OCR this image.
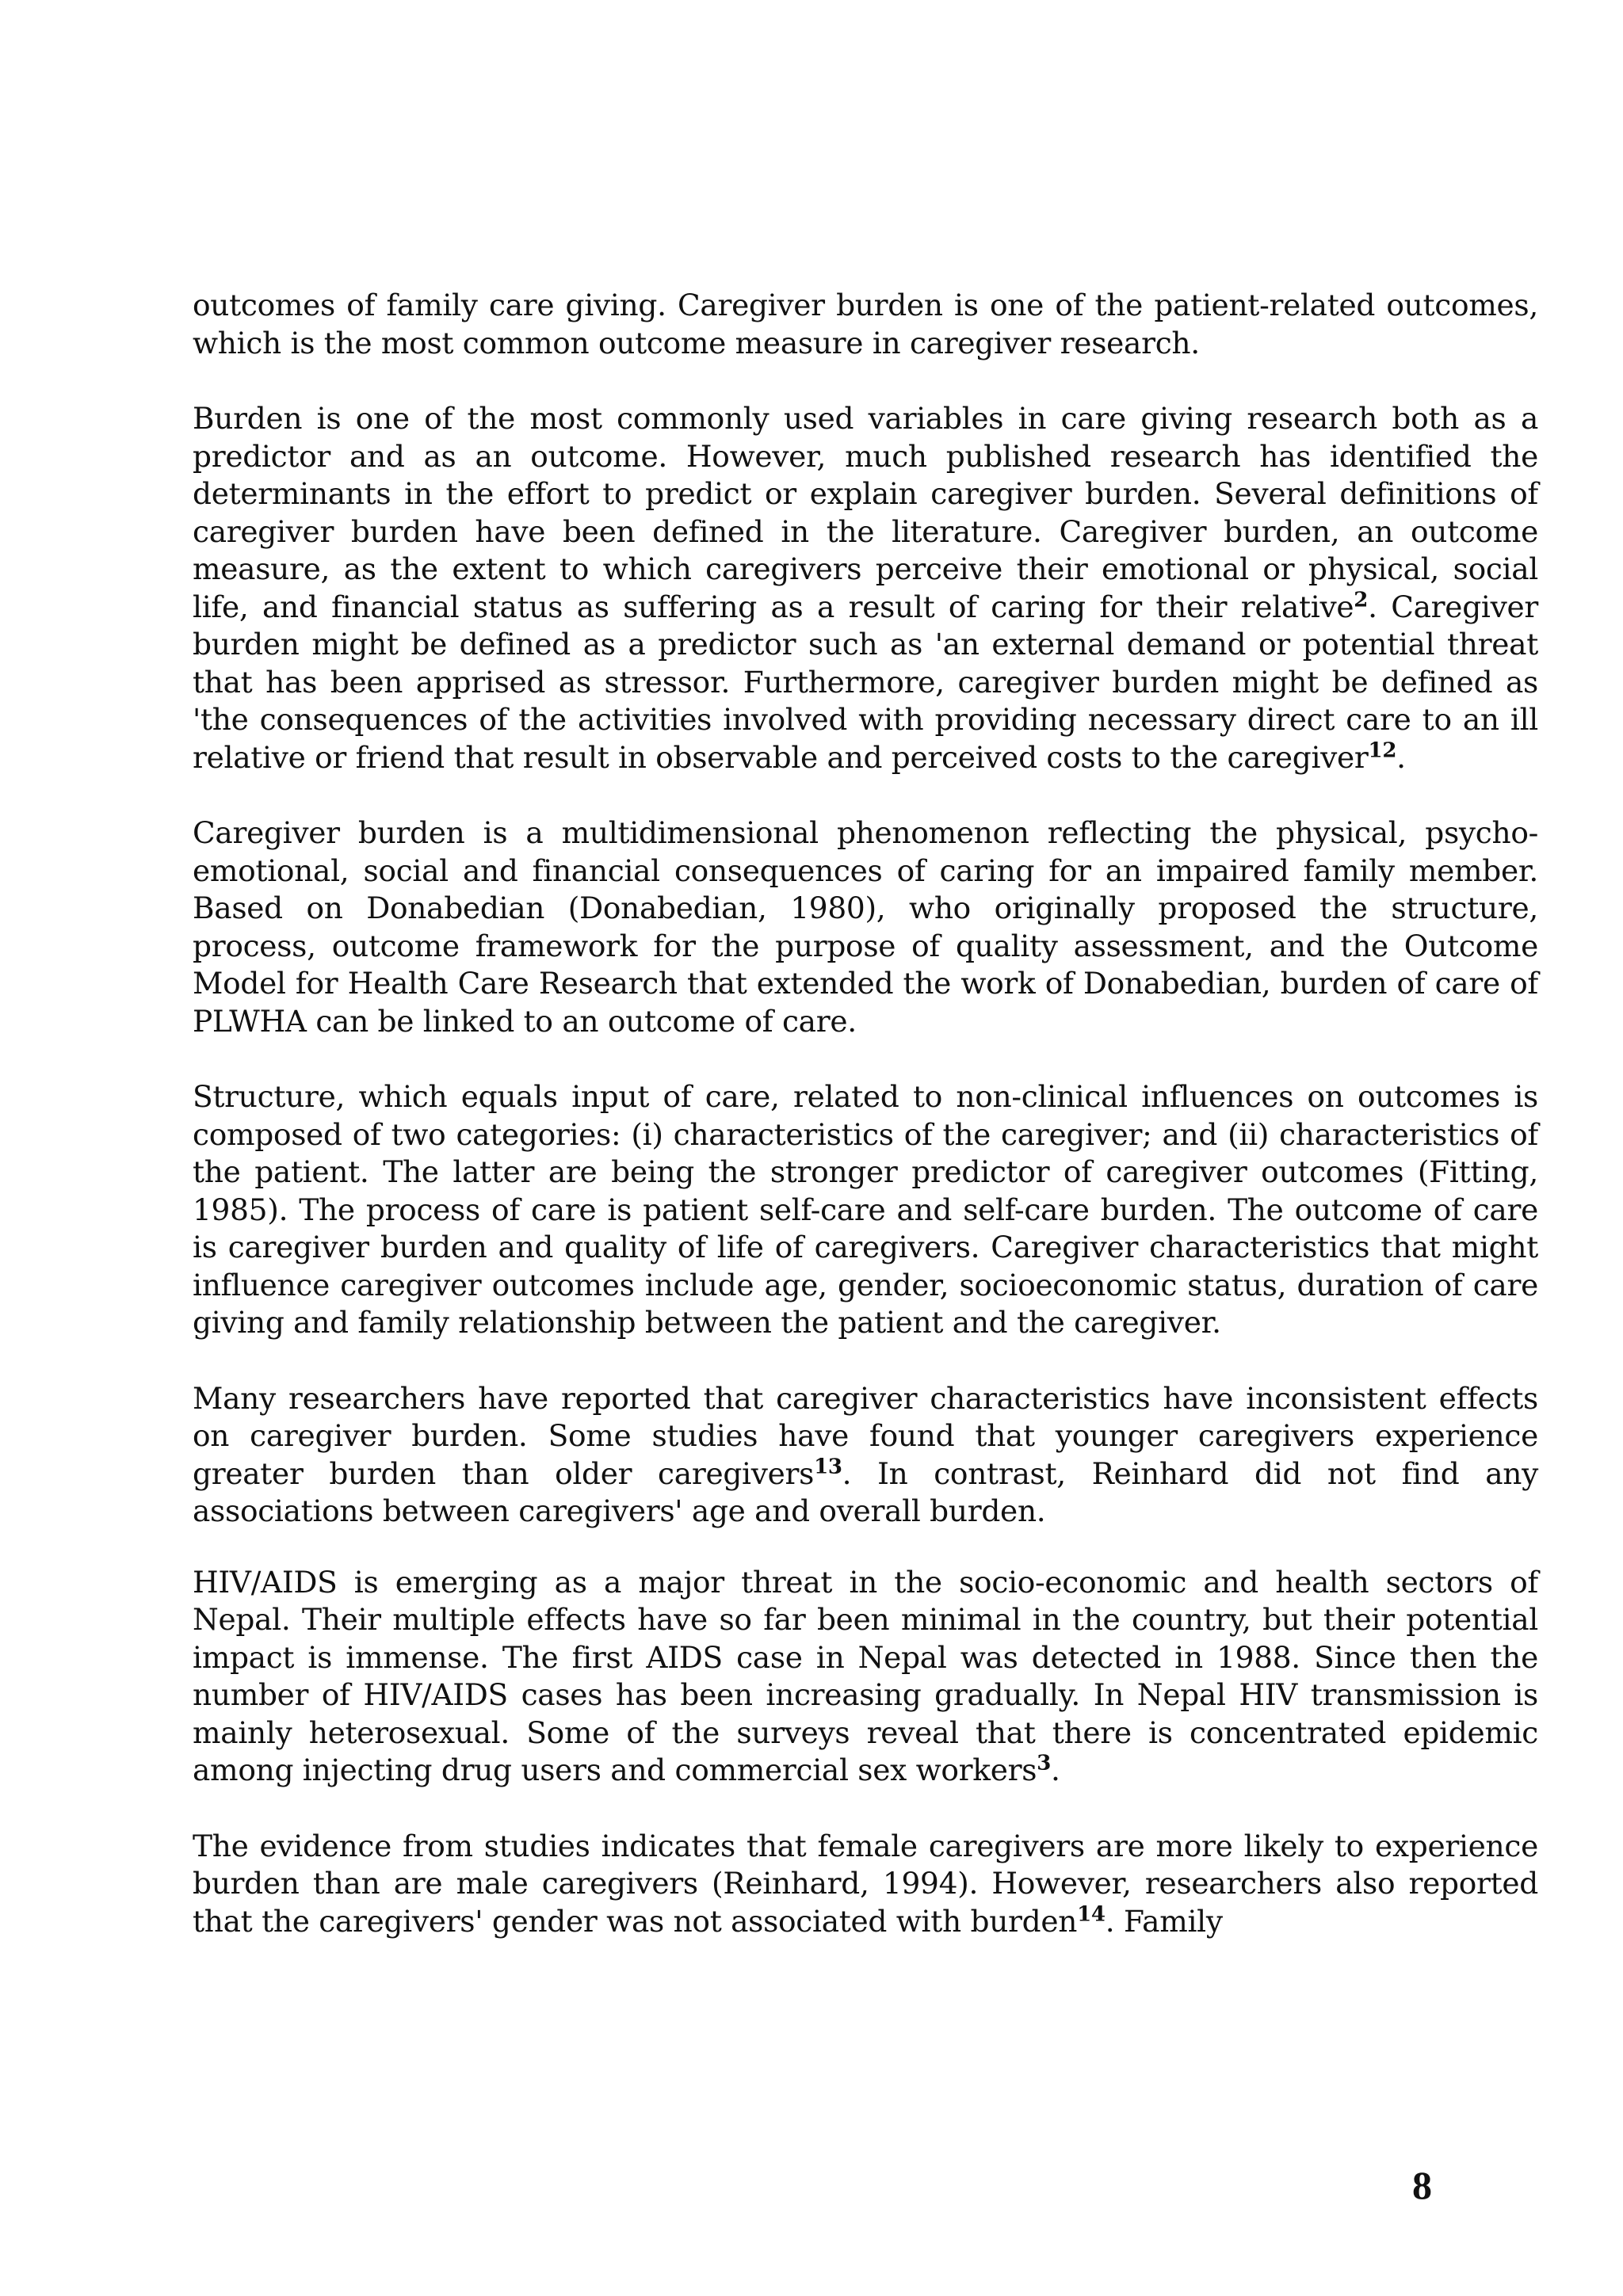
outcomes of family care giving. Caregiver burden is one of the patient-related outcomes, which is the most common outcome measure in caregiver research.

Burden is one of the most commonly used variables in care giving research both as a predictor and as an outcome. However, much published research has identified the determinants in the effort to predict or explain caregiver burden. Several definitions of caregiver burden have been defined in the literature. Caregiver burden, an outcome measure, as the extent to which caregivers perceive their emotional or physical, social life, and financial status as suffering as a result of caring for their relative$^2$. Caregiver burden might be defined as a predictor such as 'an external demand or potential threat that has been apprised as stressor. Furthermore, caregiver burden might be defined as 'the consequences of the activities involved with providing necessary direct care to an ill relative or friend that result in observable and perceived costs to the caregiver$^{12}$.

Caregiver burden is a multidimensional phenomenon reflecting the physical, psycho-emotional, social and financial consequences of caring for an impaired family member. Based on Donabedian (Donabedian, 1980), who originally proposed the structure, process, outcome framework for the purpose of quality assessment, and the Outcome Model for Health Care Research that extended the work of Donabedian, burden of care of PLWHA can be linked to an outcome of care.

Structure, which equals input of care, related to non-clinical influences on outcomes is composed of two categories: (i) characteristics of the caregiver; and (ii) characteristics of the patient. The latter are being the stronger predictor of caregiver outcomes (Fitting, 1985). The process of care is patient self-care and self-care burden. The outcome of care is caregiver burden and quality of life of caregivers. Caregiver characteristics that might influence caregiver outcomes include age, gender, socioeconomic status, duration of care giving and family relationship between the patient and the caregiver.

Many researchers have reported that caregiver characteristics have inconsistent effects on caregiver burden. Some studies have found that younger caregivers experience greater burden than older caregivers$^{13}$. In contrast, Reinhard did not find any associations between caregivers' age and overall burden.

HIV/AIDS is emerging as a major threat in the socio-economic and health sectors of Nepal. Their multiple effects have so far been minimal in the country, but their potential impact is immense. The first AIDS case in Nepal was detected in 1988. Since then the number of HIV/AIDS cases has been increasing gradually. In Nepal HIV transmission is mainly heterosexual. Some of the surveys reveal that there is concentrated epidemic among injecting drug users and commercial sex workers$^3$.

The evidence from studies indicates that female caregivers are more likely to experience burden than are male caregivers (Reinhard, 1994). However, researchers also reported that the caregivers' gender was not associated with burden$^{14}$. Family

8
